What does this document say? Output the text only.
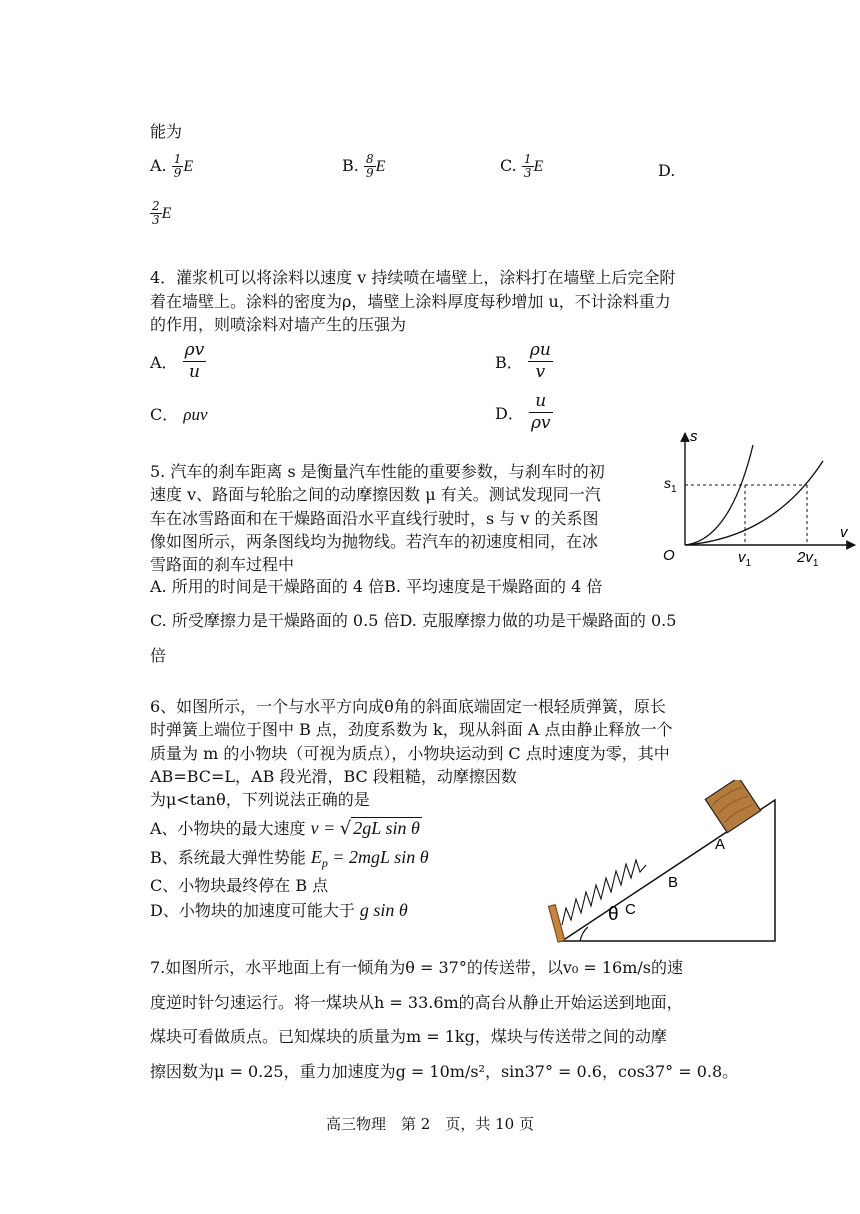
能为
A. $\frac{1}{9}$ E	B. $\frac{8}{9}$ E	C. $\frac{1}{3}$ E	D.
$\frac{2}{3}$ E
4．灌浆机可以将涂料以速度 v 持续喷在墙壁上，涂料打在墙壁上后完全附
着在墙壁上。涂料的密度为ρ，墙壁上涂料厚度每秒增加 u，不计涂料重力
的作用，则喷涂料对墙产生的压强为
A． $\frac{\rho v}{u}$	B． $\frac{\rho u}{v}$
C． ρuv	D． $\frac{u}{\rho v}$
5. 汽车的刹车距离 s 是衡量汽车性能的重要参数，与刹车时的初
速度 v、路面与轮胎之间的动摩擦因数 μ 有关。测试发现同一汽
车在冰雪路面和在干燥路面沿水平直线行驶时，s 与 v 的关系图
像如图所示，两条图线均为抛物线。若汽车的初速度相同，在冰
雪路面的刹车过程中
A. 所用的时间是干燥路面的 4 倍B. 平均速度是干燥路面的 4 倍
C. 所受摩擦力是干燥路面的 0.5 倍D. 克服摩擦力做的功是干燥路面的 0.5
倍
s
v
O
$s_1$
$v_1$	$2v_1$
6、如图所示，一个与水平方向成θ角的斜面底端固定一根轻质弹簧，原长
时弹簧上端位于图中 B 点，劲度系数为 k，现从斜面 A 点由静止释放一个
质量为 m 的小物块（可视为质点），小物块运动到 C 点时速度为零，其中
AB=BC=L，AB 段光滑，BC 段粗糙，动摩擦因数
为μ<tanθ，下列说法正确的是
A、小物块的最大速度 v = √ 2gL sin θ
B、系统最大弹性势能 $E_p = 2mgL$ sin θ
C、小物块最终停在 B 点
D、小物块的加速度可能大于 g sin θ	θ C
B
A
7.如图所示，水平地面上有一倾角为θ = 37°的传送带，以v₀ = 16m/s的速
度逆时针匀速运行。将一煤块从h = 33.6m的高台从静止开始运送到地面，
煤块可看做质点。已知煤块的质量为m = 1kg，煤块与传送带之间的动摩
擦因数为μ = 0.25，重力加速度为g = 10m/s²，sin37° = 0.6，cos37° = 0.8。
高三物理　第 2　页，共 10 页
